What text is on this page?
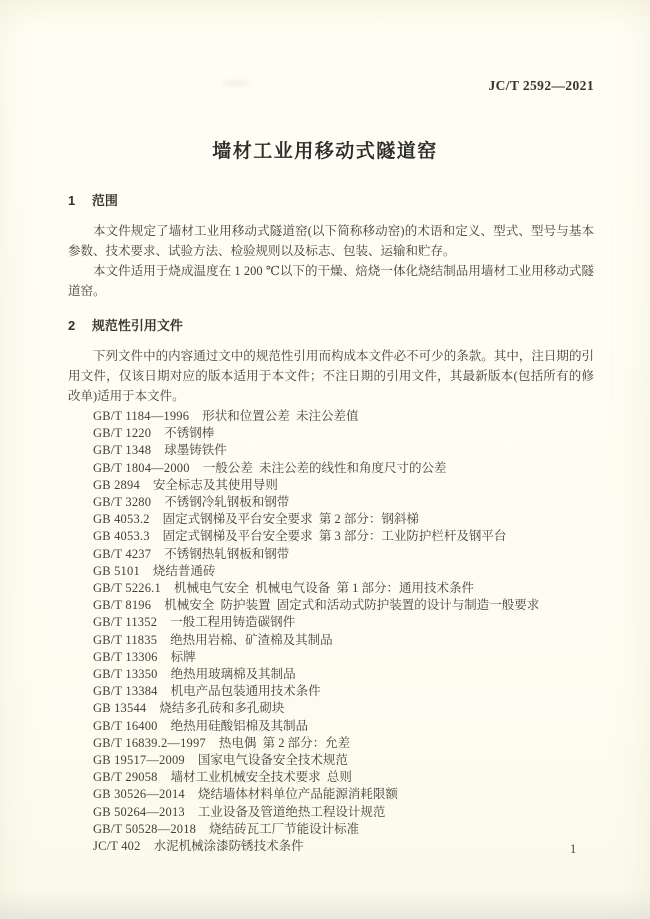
JC/T 2592—2021
墙材工业用移动式隧道窑
1 范围

本文件规定了墙材工业用移动式隧道窑(以下简称移动窑)的术语和定义、型式、型号与基本参数、技术要求、试验方法、检验规则以及标志、包装、运输和贮存。

本文件适用于烧成温度在 1 200 ℃以下的干燥、焙烧一体化烧结制品用墙材工业用移动式隧道窑。

2 规范性引用文件

下列文件中的内容通过文中的规范性引用而构成本文件必不可少的条款。其中，注日期的引用文件，仅该日期对应的版本适用于本文件；不注日期的引用文件，其最新版本(包括所有的修改单)适用于本文件。

GB/T 1184—1996 形状和位置公差  未注公差值
GB/T 1220 不锈钢棒
GB/T 1348 球墨铸铁件
GB/T 1804—2000 一般公差  未注公差的线性和角度尺寸的公差
GB 2894 安全标志及其使用导则
GB/T 3280 不锈钢冷轧钢板和钢带
GB 4053.2 固定式钢梯及平台安全要求  第 2 部分：钢斜梯
GB 4053.3 固定式钢梯及平台安全要求  第 3 部分：工业防护栏杆及钢平台
GB/T 4237 不锈钢热轧钢板和钢带
GB 5101 烧结普通砖
GB/T 5226.1 机械电气安全  机械电气设备  第 1 部分：通用技术条件
GB/T 8196 机械安全  防护装置  固定式和活动式防护装置的设计与制造一般要求
GB/T 11352 一般工程用铸造碳钢件
GB/T 11835 绝热用岩棉、矿渣棉及其制品
GB/T 13306 标牌
GB/T 13350 绝热用玻璃棉及其制品
GB/T 13384 机电产品包装通用技术条件
GB 13544 烧结多孔砖和多孔砌块
GB/T 16400 绝热用硅酸铝棉及其制品
GB/T 16839.2—1997 热电偶  第 2 部分：允差
GB 19517—2009 国家电气设备安全技术规范
GB/T 29058 墙材工业机械安全技术要求  总则
GB 30526—2014 烧结墙体材料单位产品能源消耗限额
GB 50264—2013 工业设备及管道绝热工程设计规范
GB/T 50528—2018 烧结砖瓦工厂节能设计标准
JC/T 402 水泥机械涂漆防锈技术条件	1
